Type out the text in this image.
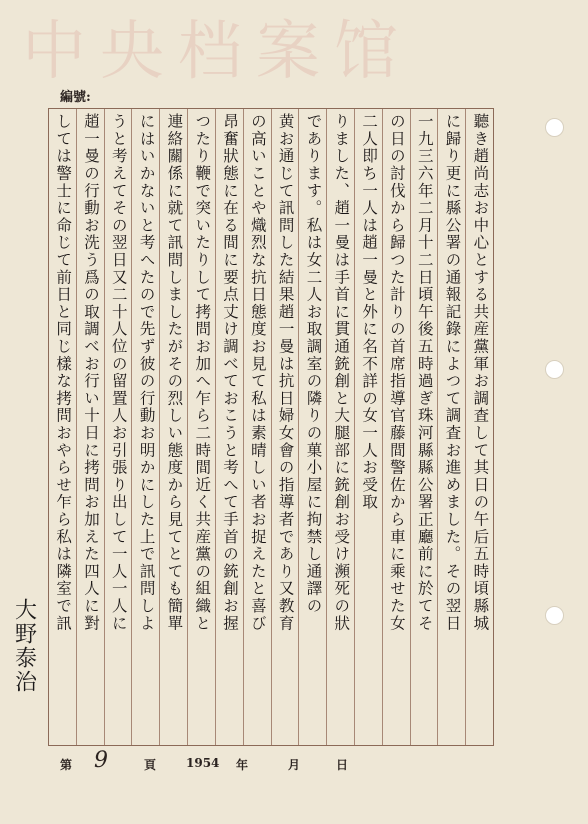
中央档案馆
編號:
聽き趙尚志お中心とする共産黨軍お調査して其日の午后五時頃縣城
に歸り更に縣公署の通報記錄によつて調査お進めました。その翌日
一九三六年二月十二日頃午後五時過ぎ珠河縣縣公署正廳前に於てそ
の日の討伐から歸つた計りの首席指導官藤間警佐から車に乘せた女
二人即ち一人は趙一曼と外に名不詳の女一人お受取
りました、趙一曼は手首に貫通銃創と大腿部に銃創お受け瀕死の狀
であります。私は女二人お取調室の隣りの菓小屋に拘禁し通譯の
黄お通じて訊問した結果趙一曼は抗日婦女會の指導者であり又教育
の高いことや熾烈な抗日態度お見て私は素晴しい者お捉えたと喜び
昂奮狀態に在る間に要点丈け調べておこうと考へて手首の銃創お握
つたり鞭で突いたりして拷問お加へ乍ら二時間近く共産黨の組織と
連絡關係に就て訊問しましたがその烈しい態度から見てとても簡單
にはいかないと考へたので先ず彼の行動お明かにした上で訊問しよ
うと考えてその翌日又二十人位の留置人お引張り出して一人一人に
趙一曼の行動お洗う爲の取調べお行い十日に拷問お加えた四人に對
しては警士に命じて前日と同じ樣な拷問おやらせ乍ら私は隣室で訊
大野泰治
第 9	頁 1954 年	月	日
